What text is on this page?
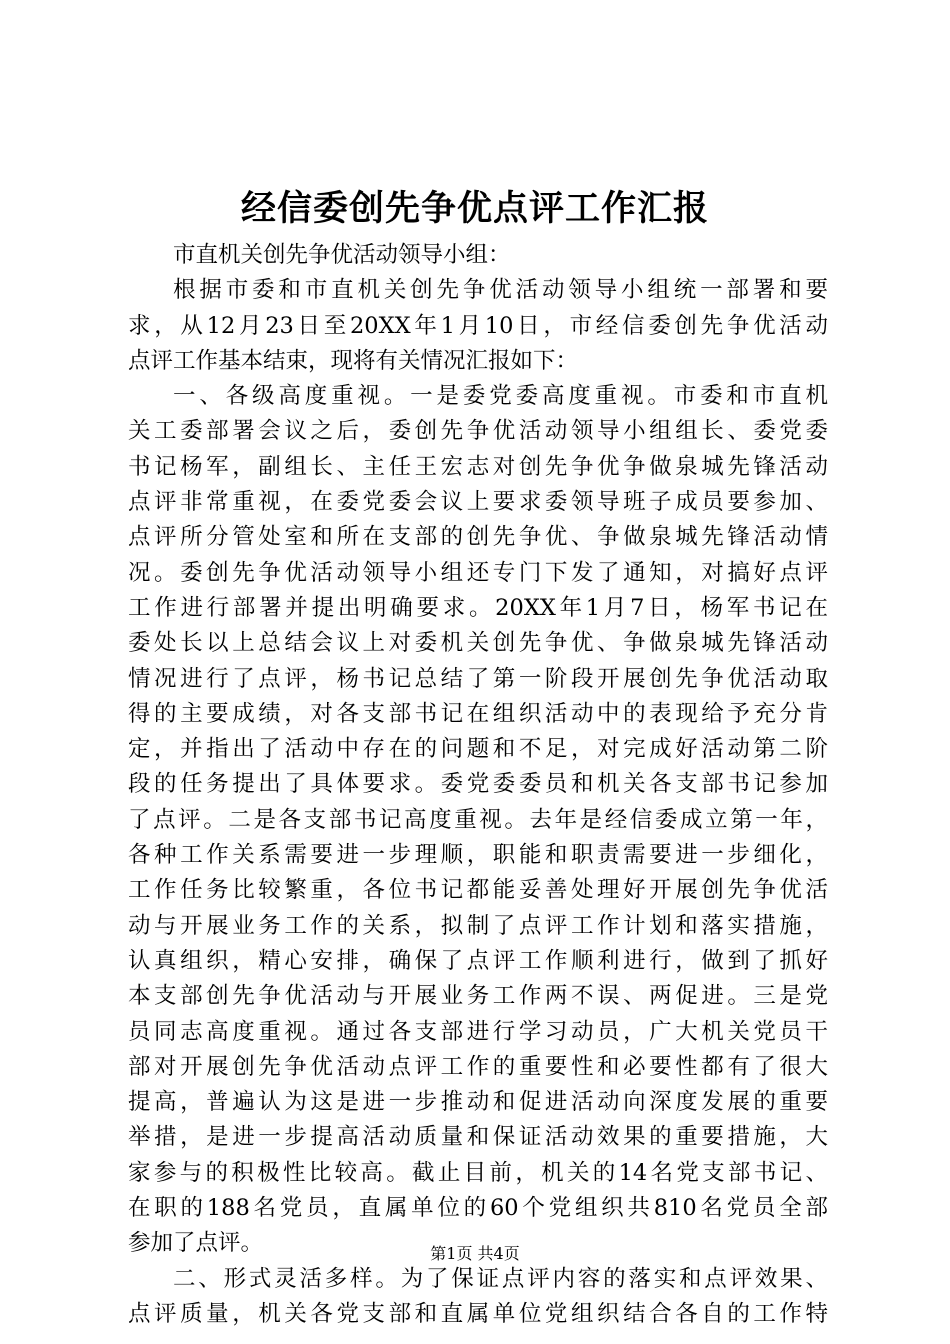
经信委创先争优点评工作汇报
市直机关创先争优活动领导小组：
根据市委和市直机关创先争优活动领导小组统一部署和要
求，从12月23日至20XX年1月10日，市经信委创先争优活动
点评工作基本结束，现将有关情况汇报如下：
一、各级高度重视。一是委党委高度重视。市委和市直机
关工委部署会议之后，委创先争优活动领导小组组长、委党委
书记杨军，副组长、主任王宏志对创先争优争做泉城先锋活动
点评非常重视，在委党委会议上要求委领导班子成员要参加、
点评所分管处室和所在支部的创先争优、争做泉城先锋活动情
况。委创先争优活动领导小组还专门下发了通知，对搞好点评
工作进行部署并提出明确要求。20XX年1月7日，杨军书记在
委处长以上总结会议上对委机关创先争优、争做泉城先锋活动
情况进行了点评，杨书记总结了第一阶段开展创先争优活动取
得的主要成绩，对各支部书记在组织活动中的表现给予充分肯
定，并指出了活动中存在的问题和不足，对完成好活动第二阶
段的任务提出了具体要求。委党委委员和机关各支部书记参加
了点评。二是各支部书记高度重视。去年是经信委成立第一年，
各种工作关系需要进一步理顺，职能和职责需要进一步细化，
工作任务比较繁重，各位书记都能妥善处理好开展创先争优活
动与开展业务工作的关系，拟制了点评工作计划和落实措施，
认真组织，精心安排，确保了点评工作顺利进行，做到了抓好
本支部创先争优活动与开展业务工作两不误、两促进。三是党
员同志高度重视。通过各支部进行学习动员，广大机关党员干
部对开展创先争优活动点评工作的重要性和必要性都有了很大
提高，普遍认为这是进一步推动和促进活动向深度发展的重要
举措，是进一步提高活动质量和保证活动效果的重要措施，大
家参与的积极性比较高。截止目前，机关的14名党支部书记、
在职的188名党员，直属单位的60个党组织共810名党员全部
参加了点评。
二、形式灵活多样。为了保证点评内容的落实和点评效果、
点评质量，机关各党支部和直属单位党组织结合各自的工作特
第1页 共4页
